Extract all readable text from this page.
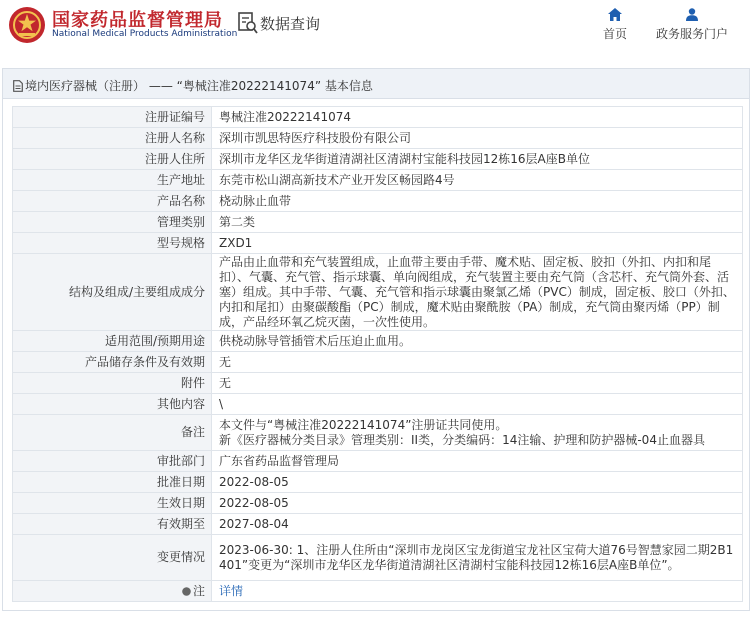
国家药品监督管理局
National Medical Products Administration
数据查询
首页	政务服务门户
境内医疗器械（注册） —— “粤械注准20222141074” 基本信息
注册证编号	粤械注准20222141074
注册人名称	深圳市凯思特医疗科技股份有限公司
注册人住所	深圳市龙华区龙华街道清湖社区清湖村宝能科技园12栋16层A座B单位
生产地址	东莞市松山湖高新技术产业开发区畅园路4号
产品名称	桡动脉止血带
管理类别	第二类
型号规格	ZXD1
结构及组成/主要组成成分	产品由止血带和充气装置组成，止血带主要由手带、魔术贴、固定板、胶扣（外扣、内扣和尾扣）、气囊、充气管、指示球囊、单向阀组成，充气装置主要由充气筒（含芯杆、充气筒外套、活塞）组成。其中手带、气囊、充气管和指示球囊由聚氯乙烯（PVC）制成，固定板、胶口（外扣、内扣和尾扣）由聚碳酸酯（PC）制成，魔术贴由聚酰胺（PA）制成，充气筒由聚丙烯（PP）制成，产品经环氧乙烷灭菌，一次性使用。
适用范围/预期用途	供桡动脉导管插管术后压迫止血用。
产品储存条件及有效期	无
附件	无
其他内容	\
备注	本文件与“粤械注准20222141074”注册证共同使用。
新《医疗器械分类目录》管理类别：II类，分类编码：14注输、护理和防护器械-04止血器具

审批部门	广东省药品监督管理局
批准日期	2022-08-05
生效日期	2022-08-05
有效期至	2027-08-04
变更情况	2023-06-30: 1、注册人住所由“深圳市龙岗区宝龙街道宝龙社区宝荷大道76号智慧家园二期2B1401”变更为“深圳市龙华区龙华街道清湖社区清湖村宝能科技园12栋16层A座B单位”。
注	详情
